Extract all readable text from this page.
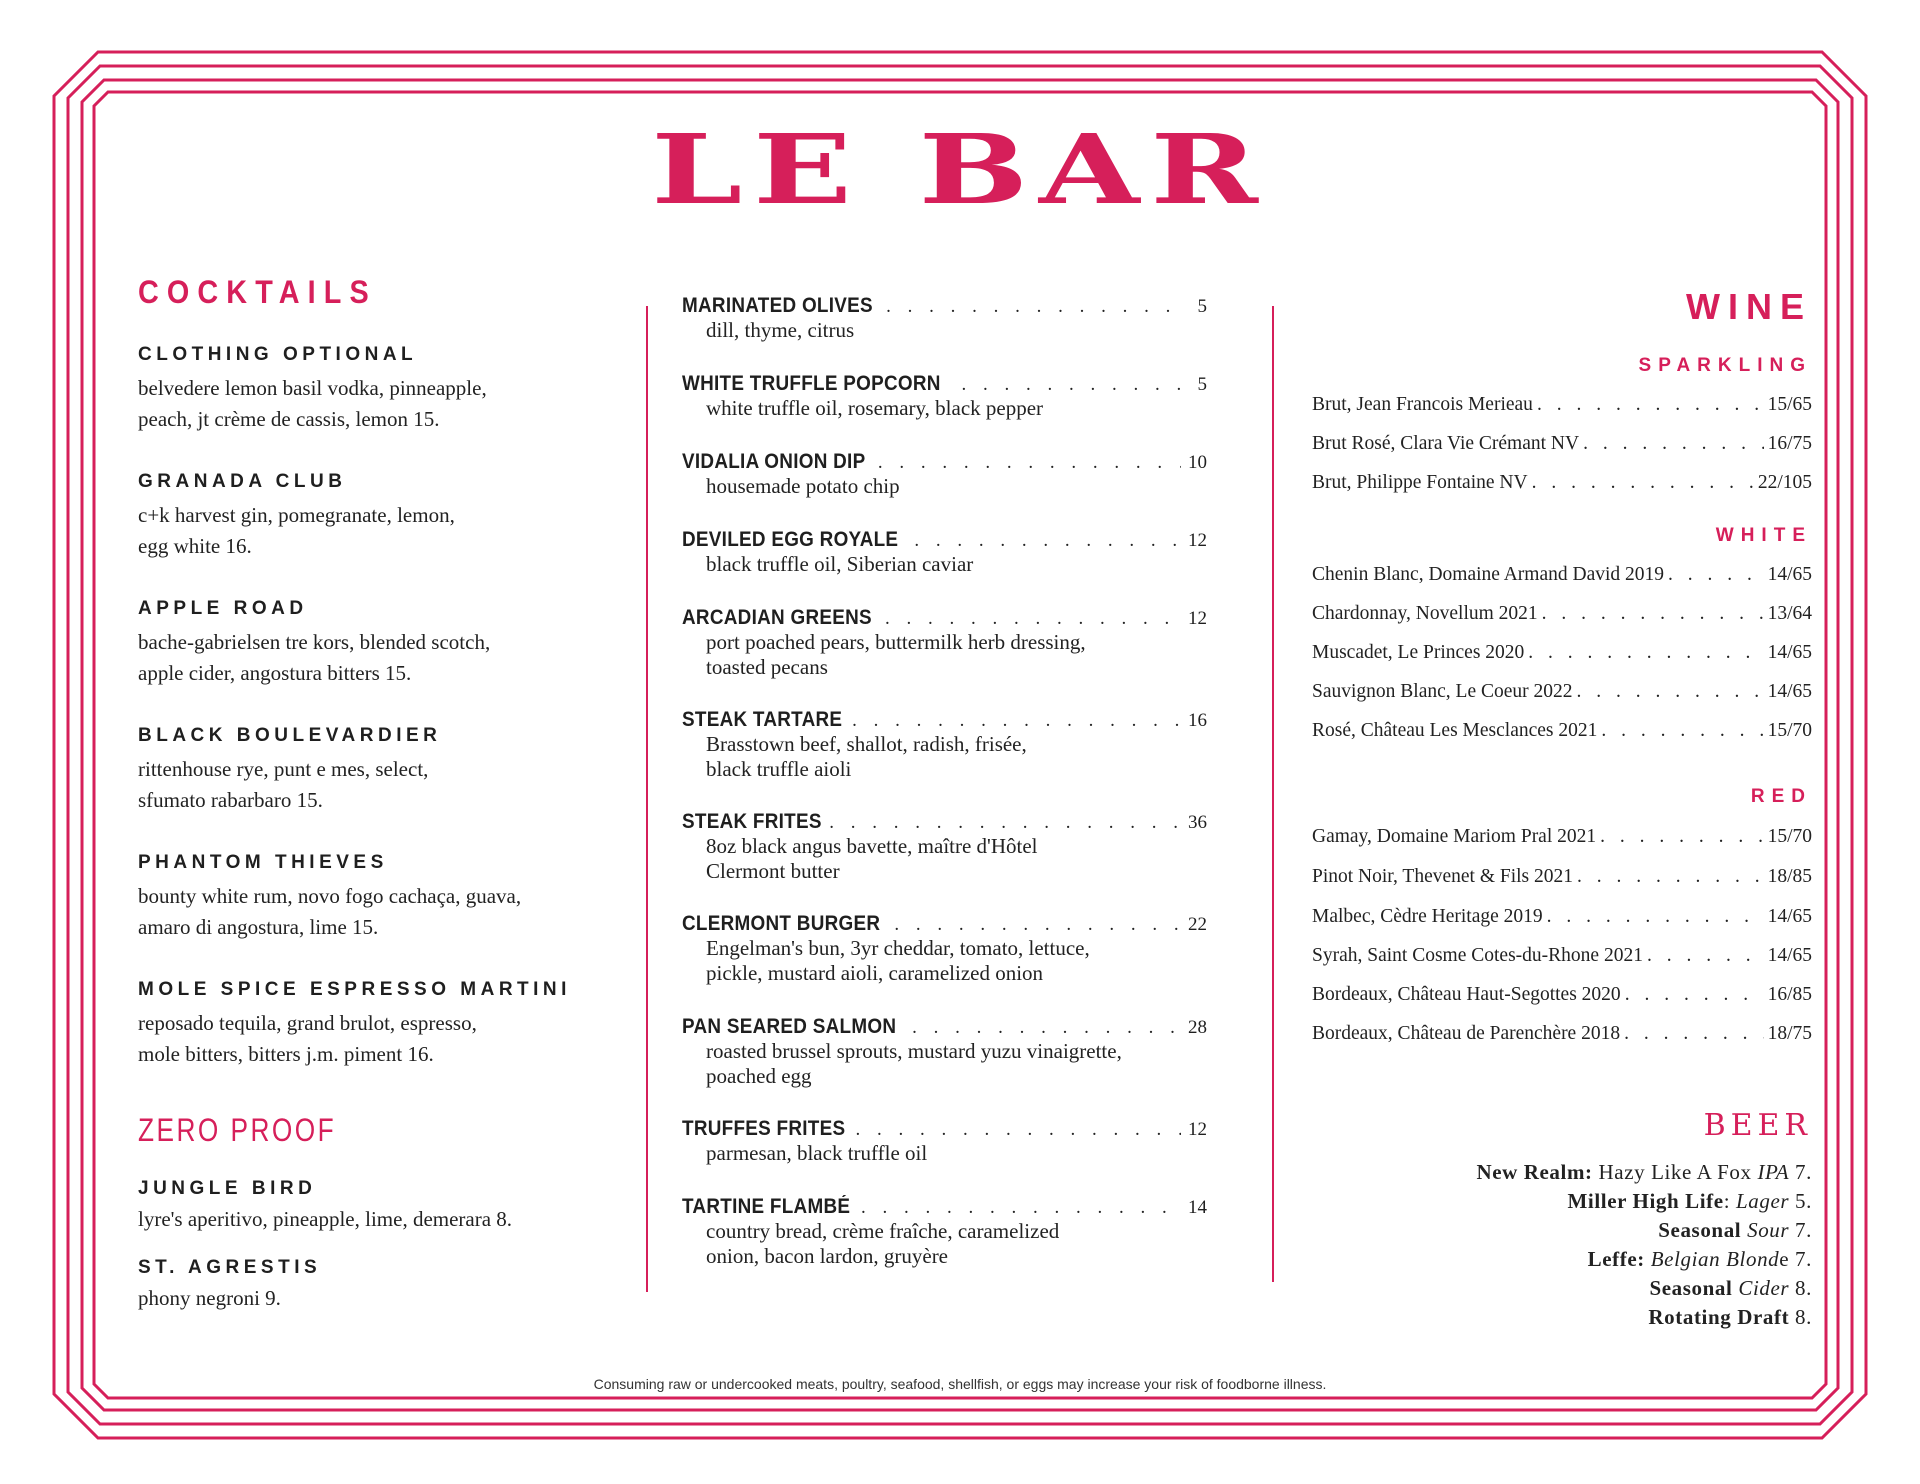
LE BAR
COCKTAILS
CLOTHING OPTIONAL
belvedere lemon basil vodka, pinneapple,
peach, jt crème de cassis, lemon 15.
GRANADA CLUB
c+k harvest gin, pomegranate, lemon,
egg white 16.
APPLE ROAD
bache-gabrielsen tre kors, blended scotch,
apple cider, angostura bitters 15.
BLACK BOULEVARDIER
rittenhouse rye, punt e mes, select,
sfumato rabarbaro 15.
PHANTOM THIEVES
bounty white rum, novo fogo cachaça, guava,
amaro di angostura, lime 15.
MOLE SPICE ESPRESSO MARTINI
reposado tequila, grand brulot, espresso,
mole bitters, bitters j.m. piment 16.
ZERO PROOF
JUNGLE BIRD
lyre's aperitivo, pineapple, lime, demerara 8.
ST. AGRESTIS
phony negroni 9.
MARINATED OLIVES . . .	5
dill, thyme, citrus
WHITE TRUFFLE POPCORN . . .	5
white truffle oil, rosemary, black pepper
VIDALIA ONION DIP . . .	10
housemade potato chip
DEVILED EGG ROYALE . . .	12
black truffle oil, Siberian caviar
ARCADIAN GREENS . . .	12
port poached pears, buttermilk herb dressing,
toasted pecans
STEAK TARTARE . . .	16
Brasstown beef, shallot, radish, frisée,
black truffle aioli
STEAK FRITES . . .	36
8oz black angus bavette, maître d'Hôtel
Clermont butter
CLERMONT BURGER . . .	22
Engelman's bun, 3yr cheddar, tomato, lettuce,
pickle, mustard aioli, caramelized onion
PAN SEARED SALMON . . .	28
roasted brussel sprouts, mustard yuzu vinaigrette,
poached egg
TRUFFES FRITES . . .	12
parmesan, black truffle oil
TARTINE FLAMBÉ . . .	14
country bread, crème fraîche, caramelized
onion, bacon lardon, gruyère
WINE
SPARKLING
Brut, Jean Francois Merieau . . .	15/65
Brut Rosé, Clara Vie Crémant NV . . .	16/75
Brut, Philippe Fontaine NV . . .	22/105
WHITE
Chenin Blanc, Domaine Armand David 2019 . . .	14/65
Chardonnay, Novellum 2021 . . .	13/64
Muscadet, Le Princes 2020 . . .	14/65
Sauvignon Blanc, Le Coeur 2022 . . .	14/65
Rosé, Château Les Mesclances 2021 . . .	15/70
RED
Gamay, Domaine Mariom Pral 2021 . . .	15/70
Pinot Noir, Thevenet & Fils 2021 . . .	18/85
Malbec, Cèdre Heritage 2019 . . .	14/65
Syrah, Saint Cosme Cotes-du-Rhone 2021 . . .	14/65
Bordeaux, Château Haut-Segottes 2020 . . .	16/85
Bordeaux, Château de Parenchère 2018 . . .	18/75
BEER
New Realm: Hazy Like A Fox IPA 7.
Miller High Life: Lager 5.
Seasonal Sour 7.
Leffe: Belgian Blonde 7.
Seasonal Cider 8.
Rotating Draft 8.
Consuming raw or undercooked meats, poultry, seafood, shellfish, or eggs may increase your risk of foodborne illness.
